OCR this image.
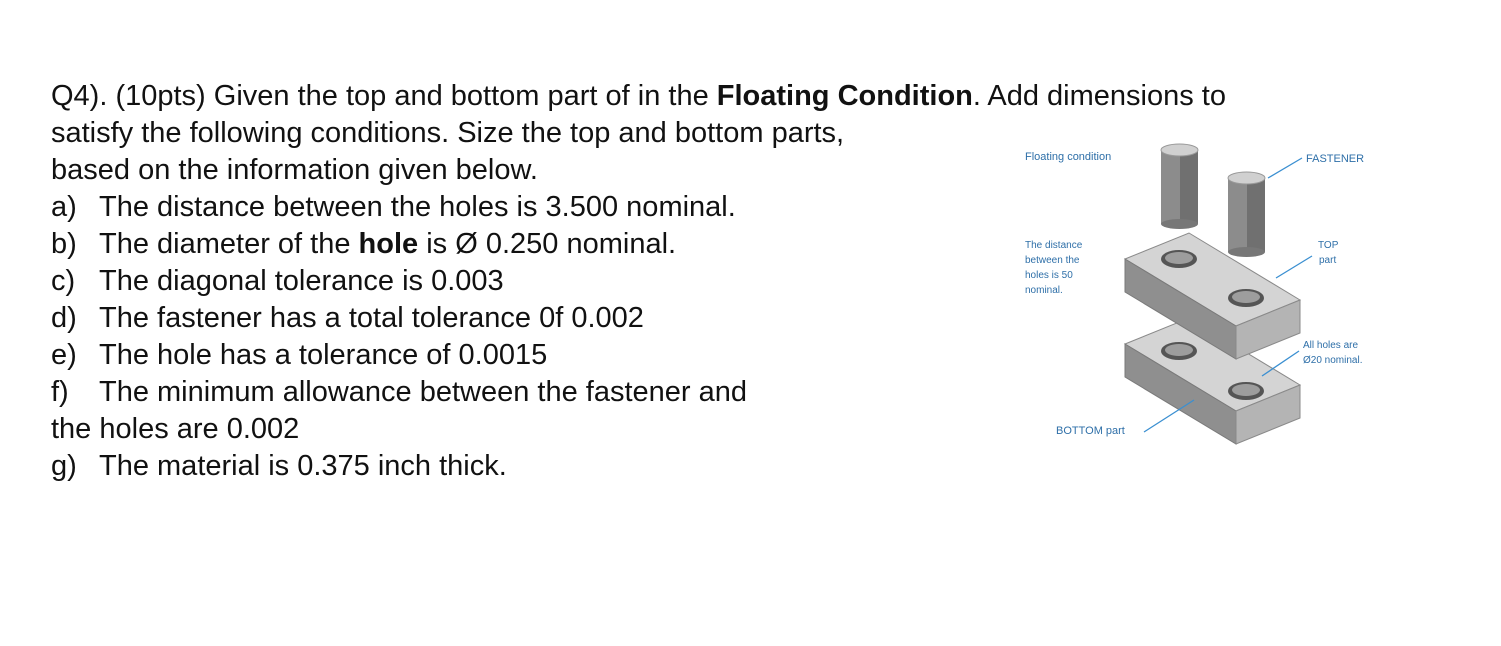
Q4). (10pts) Given the top and bottom part of in the Floating Condition. Add dimensions to
satisfy the following conditions. Size the top and bottom parts,
based on the information given below.
a) The distance between the holes is 3.500 nominal.
b) The diameter of the hole is Ø 0.250 nominal.
c) The diagonal tolerance is 0.003
d) The fastener has a total tolerance 0f 0.002
e) The hole has a tolerance of 0.0015
f)	The minimum allowance between the fastener and
the holes are 0.002
g) The material is 0.375 inch thick.
Floating condition	FASTENER
The distance
between the
holes is 50
nominal.
TOP
part
All holes are
Ø20 nominal.
BOTTOM part
